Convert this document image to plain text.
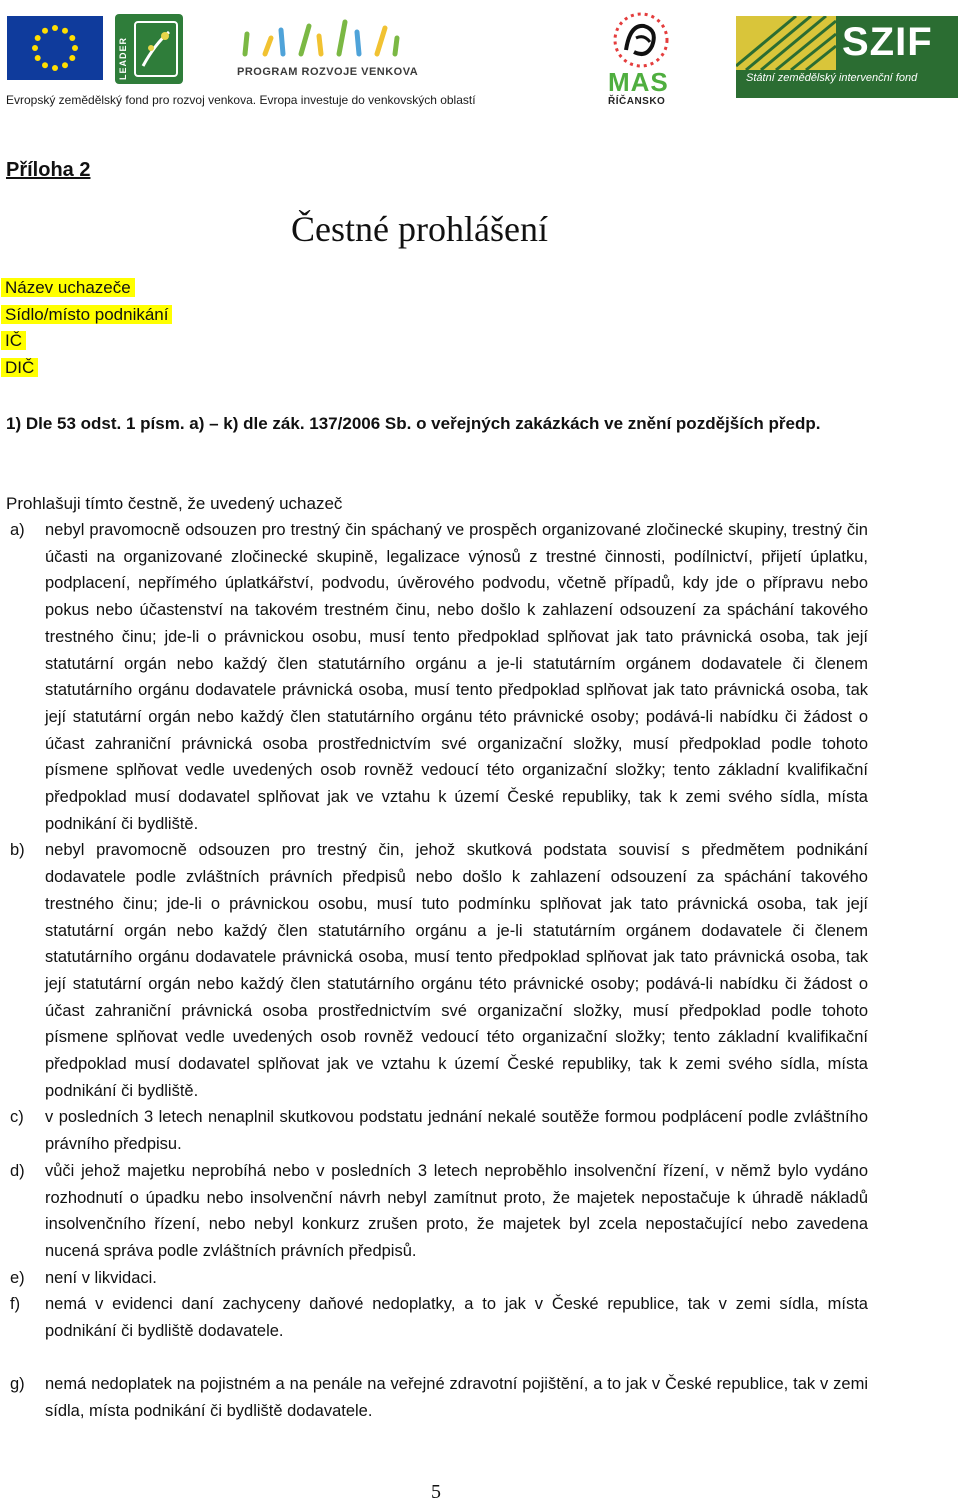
LEADER	PROGRAM ROZVOJE VENKOVA	MAS
ŘÍČANSKO
SZIF
Státní zemědělský intervenční fond
Evropský zemědělský fond pro rozvoj venkova. Evropa investuje do venkovských oblastí
Příloha 2
Čestné prohlášení
Název uchazeče
Sídlo/místo podnikání
IČ
DIČ
1) Dle 53 odst. 1 písm. a) – k) dle zák. 137/2006 Sb. o veřejných zakázkách ve znění pozdějších předp.
Prohlašuji tímto čestně, že uvedený uchazeč
a) nebyl pravomocně odsouzen pro trestný čin spáchaný ve prospěch organizované zločinecké skupiny, trestný čin účasti na organizované zločinecké skupině, legalizace výnosů z trestné činnosti, podílnictví, přijetí úplatku, podplacení, nepřímého úplatkářství, podvodu, úvěrového podvodu, včetně případů, kdy jde o přípravu nebo pokus nebo účastenství na takovém trestném činu, nebo došlo k zahlazení odsouzení za spáchání takového trestného činu; jde-li o právnickou osobu, musí tento předpoklad splňovat jak tato právnická osoba, tak její statutární orgán nebo každý člen statutárního orgánu a je-li statutárním orgánem dodavatele či členem statutárního orgánu dodavatele právnická osoba, musí tento předpoklad splňovat jak tato právnická osoba, tak její statutární orgán nebo každý člen statutárního orgánu této právnické osoby; podává-li nabídku či žádost o účast zahraniční právnická osoba prostřednictvím své organizační složky, musí předpoklad podle tohoto písmene splňovat vedle uvedených osob rovněž vedoucí této organizační složky; tento základní kvalifikační předpoklad musí dodavatel splňovat jak ve vztahu k území České republiky, tak k zemi svého sídla, místa podnikání či bydliště.
b) nebyl pravomocně odsouzen pro trestný čin, jehož skutková podstata souvisí s předmětem podnikání dodavatele podle zvláštních právních předpisů nebo došlo k zahlazení odsouzení za spáchání takového trestného činu; jde-li o právnickou osobu, musí tuto podmínku splňovat jak tato právnická osoba, tak její statutární orgán nebo každý člen statutárního orgánu a je-li statutárním orgánem dodavatele či členem statutárního orgánu dodavatele právnická osoba, musí tento předpoklad splňovat jak tato právnická osoba, tak její statutární orgán nebo každý člen statutárního orgánu této právnické osoby; podává-li nabídku či žádost o účast zahraniční právnická osoba prostřednictvím své organizační složky, musí předpoklad podle tohoto písmene splňovat vedle uvedených osob rovněž vedoucí této organizační složky; tento základní kvalifikační předpoklad musí dodavatel splňovat jak ve vztahu k území České republiky, tak k zemi svého sídla, místa podnikání či bydliště.
c) v posledních 3 letech nenaplnil skutkovou podstatu jednání nekalé soutěže formou podplácení podle zvláštního právního předpisu.
d) vůči jehož majetku neprobíhá nebo v posledních 3 letech neproběhlo insolvenční řízení, v němž bylo vydáno rozhodnutí o úpadku nebo insolvenční návrh nebyl zamítnut proto, že majetek nepostačuje k úhradě nákladů insolvenčního řízení, nebo nebyl konkurz zrušen proto, že majetek byl zcela nepostačující nebo zavedena nucená správa podle zvláštních právních předpisů.
e) není v likvidaci.
f) nemá v evidenci daní zachyceny daňové nedoplatky, a to jak v České republice, tak v zemi sídla, místa podnikání či bydliště dodavatele.
g) nemá nedoplatek na pojistném a na penále na veřejné zdravotní pojištění, a to jak v České republice, tak v zemi sídla, místa podnikání či bydliště dodavatele.
5
